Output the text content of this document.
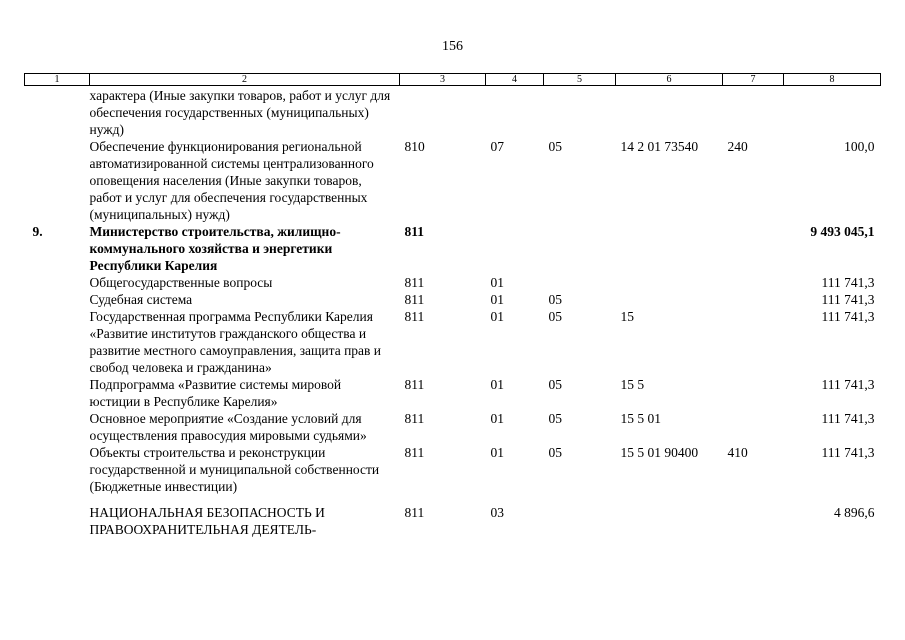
156
1	2	3	4	5	6	7	8
	характера (Иные закупки товаров, работ и услуг для обеспечения государственных (муниципальных) нужд)						
	Обеспечение функционирования региональной автоматизированной системы централизованного оповещения населения (Иные закупки товаров, работ и услуг для обеспечения государственных (муниципальных) нужд)	810	07	05	14 2 01 73540	240	100,0
9.	Министерство строительства, жилищно-коммунального хозяйства и энергетики Республики Карелия	811					9 493 045,1
	Общегосударственные вопросы	811	01				111 741,3
	Судебная система	811	01	05			111 741,3
	Государственная программа Республики Карелия «Развитие институтов гражданского общества и развитие местного самоуправления, защита прав и свобод человека и гражданина»	811	01	05	15		111 741,3
	Подпрограмма «Развитие системы мировой юстиции в Республике Карелия»	811	01	05	15 5		111 741,3
	Основное мероприятие «Создание условий для осуществления правосудия мировыми судьями»	811	01	05	15 5 01		111 741,3
	Объекты строительства и реконструкции государственной и муниципальной собственности (Бюджетные инвестиции)	811	01	05	15 5 01 90400	410	111 741,3
	НАЦИОНАЛЬНАЯ БЕЗОПАСНОСТЬ И ПРАВООХРАНИТЕЛЬНАЯ ДЕЯТЕЛЬ-	811	03				4 896,6
